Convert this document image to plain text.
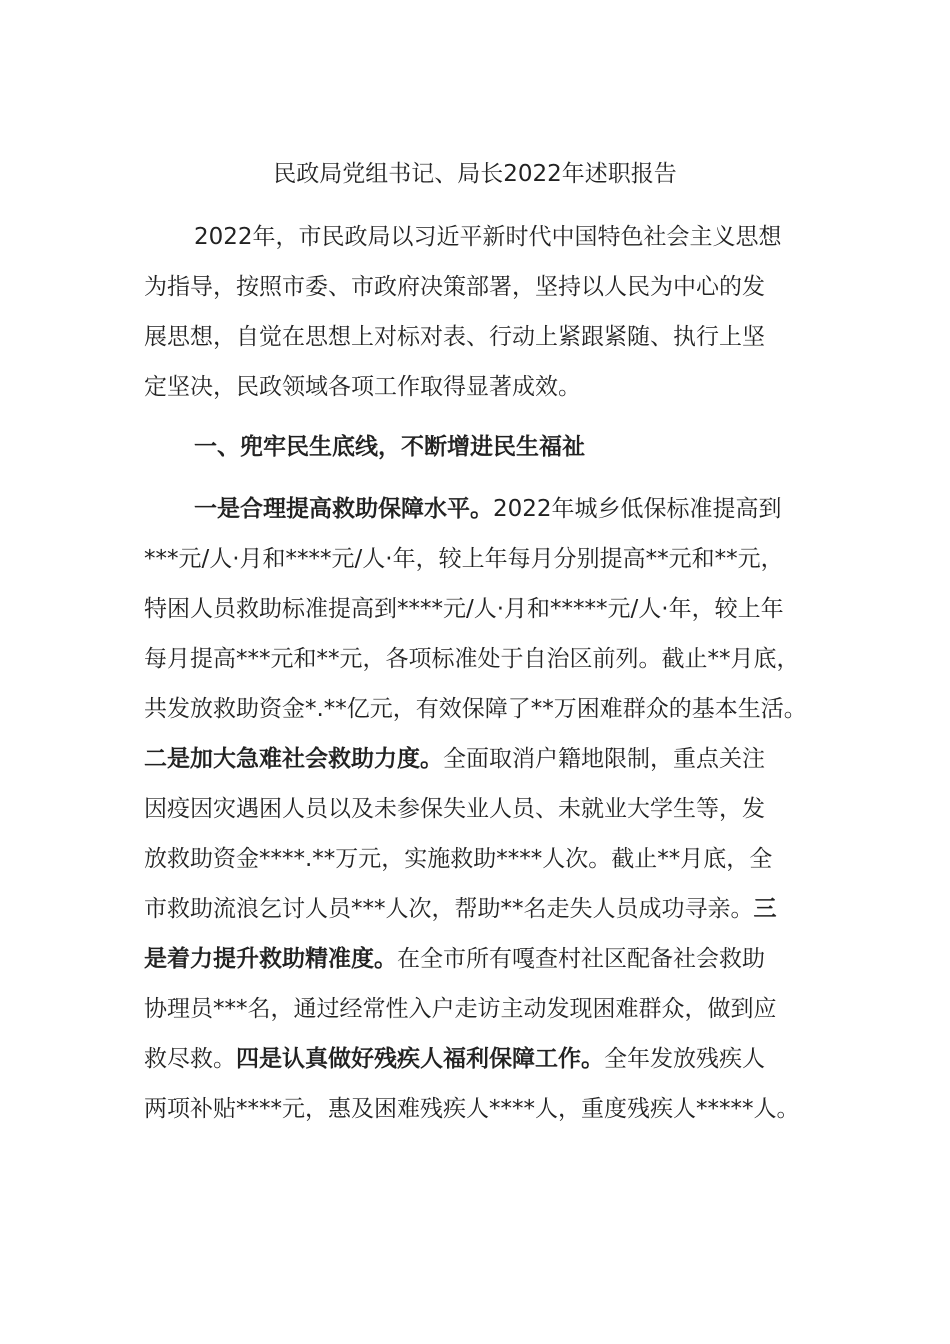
民政局党组书记、局长2022年述职报告
2022年，市民政局以习近平新时代中国特色社会主义思想
为指导，按照市委、市政府决策部署，坚持以人民为中心的发
展思想，自觉在思想上对标对表、行动上紧跟紧随、执行上坚
定坚决，民政领域各项工作取得显著成效。
一、兜牢民生底线，不断增进民生福祉
一是合理提高救助保障水平。2022年城乡低保标准提高到
***元/人·月和****元/人·年，较上年每月分别提高**元和**元，
特困人员救助标准提高到****元/人·月和*****元/人·年，较上年
每月提高***元和**元，各项标准处于自治区前列。截止**月底，
共发放救助资金*.**亿元，有效保障了**万困难群众的基本生活。
二是加大急难社会救助力度。全面取消户籍地限制，重点关注
因疫因灾遇困人员以及未参保失业人员、未就业大学生等，发
放救助资金****.**万元，实施救助****人次。截止**月底，全
市救助流浪乞讨人员***人次，帮助**名走失人员成功寻亲。三
是着力提升救助精准度。在全市所有嘎查村社区配备社会救助
协理员***名，通过经常性入户走访主动发现困难群众，做到应
救尽救。四是认真做好残疾人福利保障工作。全年发放残疾人
两项补贴****元，惠及困难残疾人****人，重度残疾人*****人。
